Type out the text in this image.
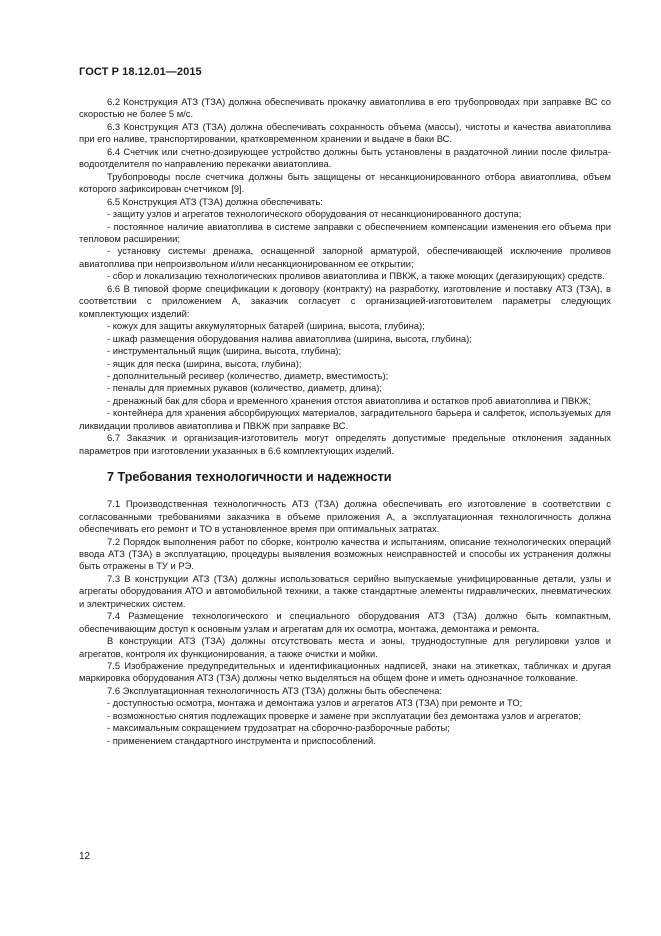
ГОСТ Р 18.12.01—2015

6.2 Конструкция АТЗ (ТЗА) должна обеспечивать прокачку авиатоплива в его трубопроводах при заправке ВС со скоростью не более 5 м/с.

6.3 Конструкция АТЗ (ТЗА) должна обеспечивать сохранность объема (массы), чистоты и качества авиатоплива при его наливе, транспортировании, кратковременном хранении и выдаче в баки ВС.

6.4 Счетчик или счетно-дозирующее устройство должны быть установлены в раздаточной линии после фильтра-водоотделителя по направлению перекачки авиатоплива.

Трубопроводы после счетчика должны быть защищены от несанкционированного отбора авиатоплива, объем которого зафиксирован счетчиком [9].

6.5 Конструкция АТЗ (ТЗА) должна обеспечивать:

- защиту узлов и агрегатов технологического оборудования от несанкционированного доступа;

- постоянное наличие авиатоплива в системе заправки с обеспечением компенсации изменения его объема при тепловом расширении;

- установку системы дренажа, оснащенной запорной арматурой, обеспечивающей исключение проливов авиатоплива при непроизвольном и/или несанкционированном ее открытии;

- сбор и локализацию технологических проливов авиатоплива и ПВКЖ, а также моющих (дегазирующих) средств.

6.6 В типовой форме спецификации к договору (контракту) на разработку, изготовление и поставку АТЗ (ТЗА), в соответствии с приложением А, заказчик согласует с организацией-изготовителем параметры следующих комплектующих изделий:

- кожух для защиты аккумуляторных батарей (ширина, высота, глубина);

- шкаф размещения оборудования налива авиатоплива (ширина, высота, глубина);

- инструментальный ящик (ширина, высота, глубина);

- ящик для песка (ширина, высота, глубина);

- дополнительный ресивер (количество, диаметр, вместимость);

- пеналы для приемных рукавов (количество, диаметр, длина);

- дренажный бак для сбора и временного хранения отстоя авиатоплива и остатков проб авиатоплива и ПВКЖ;

- контейнера для хранения абсорбирующих материалов, заградительного барьера и салфеток, используемых для ликвидации проливов авиатоплива и ПВКЖ при заправке ВС.

6.7 Заказчик и организация-изготовитель могут определять допустимые предельные отклонения заданных параметров при изготовлении указанных в 6.6 комплектующих изделий.

7 Требования технологичности и надежности

7.1 Производственная технологичность АТЗ (ТЗА) должна обеспечивать его изготовление в соответствии с согласованными требованиями заказчика в объеме приложения А, а эксплуатационная технологичность должна обеспечивать его ремонт и ТО в установленное время при оптимальных затратах.

7.2 Порядок выполнения работ по сборке, контролю качества и испытаниям, описание технологических операций ввода АТЗ (ТЗА) в эксплуатацию, процедуры выявления возможных неисправностей и способы их устранения должны быть отражены в ТУ и РЭ.

7.3 В конструкции АТЗ (ТЗА) должны использоваться серийно выпускаемые унифицированные детали, узлы и агрегаты оборудования АТО и автомобильной техники, а также стандартные элементы гидравлических, пневматических и электрических систем.

7.4 Размещение технологического и специального оборудования АТЗ (ТЗА) должно быть компактным, обеспечивающим доступ к основным узлам и агрегатам для их осмотра, монтажа, демонтажа и ремонта.

В конструкции АТЗ (ТЗА) должны отсутствовать места и зоны, труднодоступные для регулировки узлов и агрегатов, контроля их функционирования, а также очистки и мойки.

7.5 Изображение предупредительных и идентификационных надписей, знаки на этикетках, табличках и другая маркировка оборудования АТЗ (ТЗА) должны четко выделяться на общем фоне и иметь однозначное толкование.

7.6 Эксплуатационная технологичность АТЗ (ТЗА) должны быть обеспечена:

- доступностью осмотра, монтажа и демонтажа узлов и агрегатов АТЗ (ТЗА) при ремонте и ТО;

- возможностью снятия подлежащих проверке и замене при эксплуатации без демонтажа узлов и агрегатов;

- максимальным сокращением трудозатрат на сборочно-разборочные работы;

- применением стандартного инструмента и приспособлений.

12
